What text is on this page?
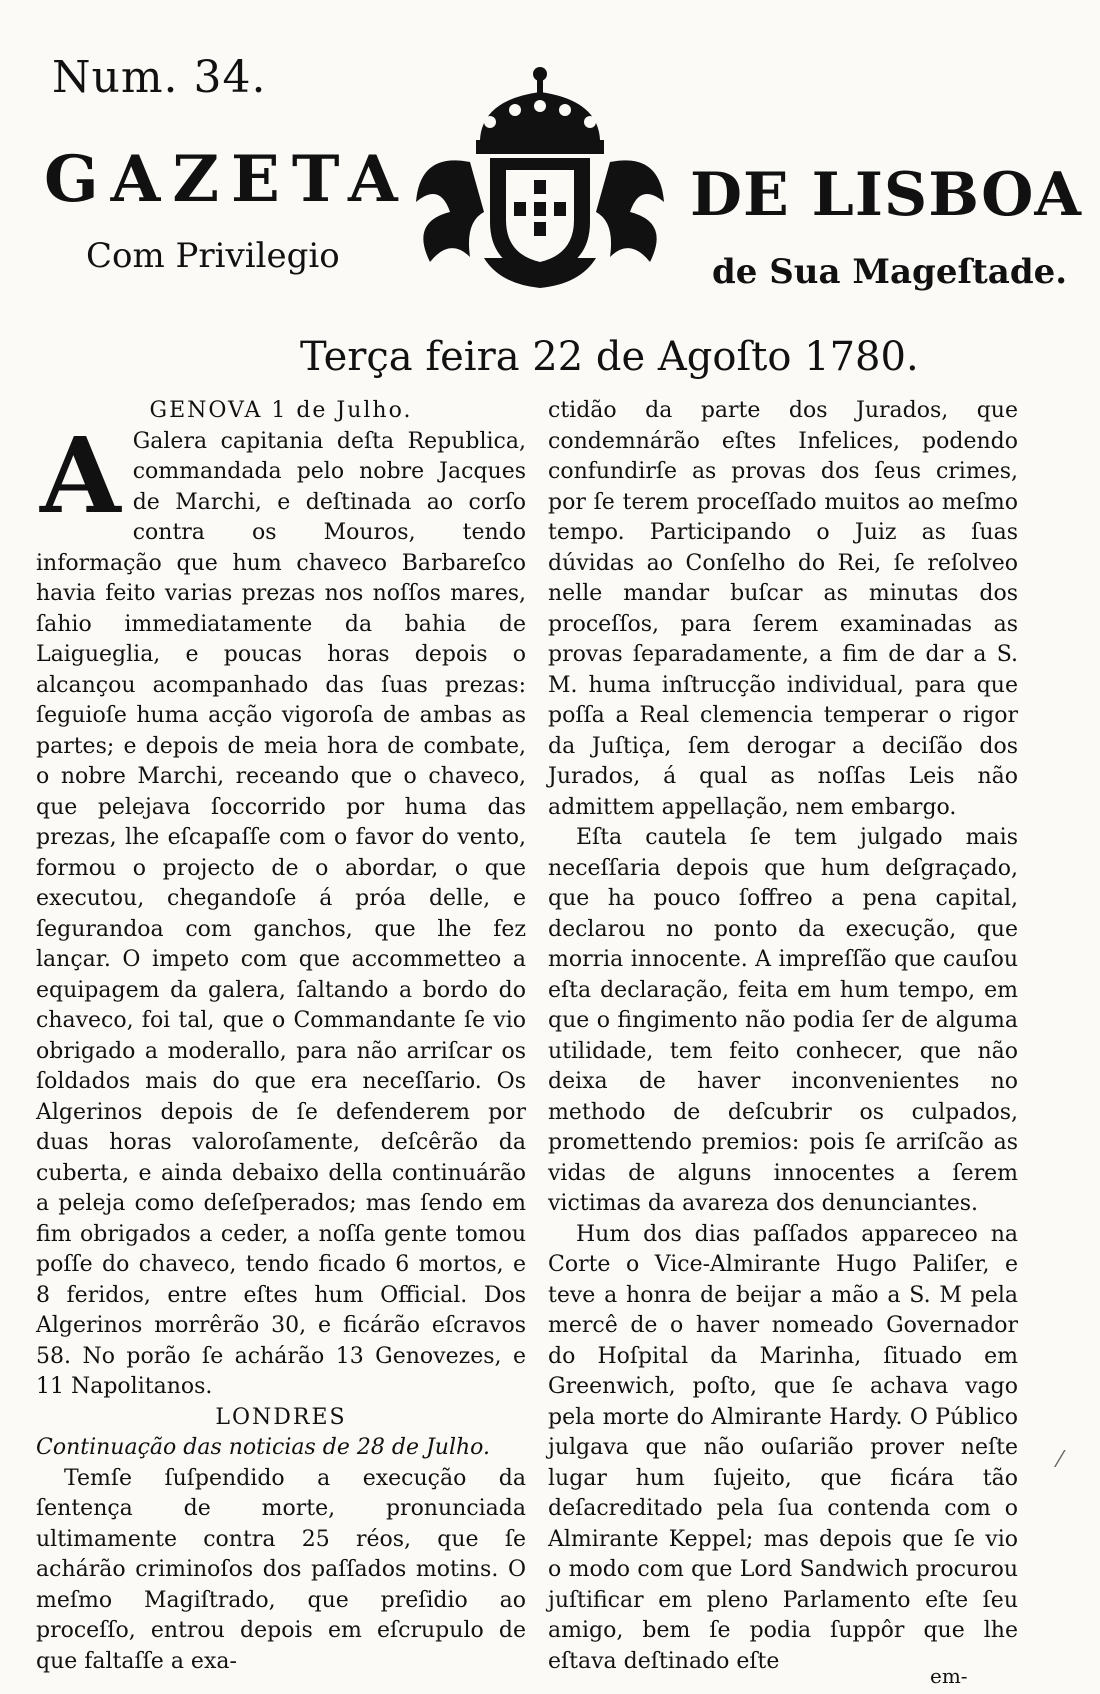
Num. 34.
GAZETA	DE LISBOA
Com Privilegio	de Sua Mageſtade.
Terça feira 22 de Agoſto 1780.

GENOVA 1 de Julho.

A Galera capitania deſta Republica, commandada pelo nobre Jacques de Marchi, e deſtinada ao corſo contra os Mouros, tendo informação que hum chaveco Barbareſco havia feito varias prezas nos noſſos mares, ſahio immediatamente da bahia de Laigueglia, e poucas horas depois o alcançou acompanhado das ſuas prezas: ſeguioſe huma acção vigoroſa de ambas as partes; e depois de meia hora de combate, o nobre Marchi, receando que o chaveco, que pelejava ſoccorrido por huma das prezas, lhe eſcapaſſe com o favor do vento, formou o projecto de o abordar, o que executou, chegandoſe á próa delle, e ſegurandoa com ganchos, que lhe fez lançar. O impeto com que accommetteo a equipagem da galera, ſaltando a bordo do chaveco, foi tal, que o Commandante ſe vio obrigado a moderallo, para não arriſcar os ſoldados mais do que era neceſſario. Os Algerinos depois de ſe defenderem por duas horas valoroſamente, deſcêrão da cuberta, e ainda debaixo della continuárão a peleja como deſeſperados; mas ſendo em fim obrigados a ceder, a noſſa gente tomou poſſe do chaveco, tendo ficado 6 mortos, e 8 feridos, entre eſtes hum Official. Dos Algerinos morrêrão 30, e ficárão eſcravos 58. No porão ſe achárão 13 Genovezes, e 11 Napolitanos.

LONDRES

Continuação das noticias de 28 de Julho.

Temſe ſuſpendido a execução da ſentença de morte, pronunciada ultimamente contra 25 réos, que ſe achárão criminoſos dos paſſados motins. O meſmo Magiſtrado, que preſidio ao proceſſo, entrou depois em eſcrupulo de que faltaſſe a exa-

ctidão da parte dos Jurados, que condemnárão eſtes Infelices, podendo confundirſe as provas dos ſeus crimes, por ſe terem proceſſado muitos ao meſmo tempo. Participando o Juiz as ſuas dúvidas ao Conſelho do Rei, ſe reſolveo nelle mandar buſcar as minutas dos proceſſos, para ſerem examinadas as provas ſeparadamente, a fim de dar a S. M. huma inſtrucção individual, para que poſſa a Real clemencia temperar o rigor da Juſtiça, ſem derogar a deciſão dos Jurados, á qual as noſſas Leis não admittem appellação, nem embargo.

Eſta cautela ſe tem julgado mais neceſſaria depois que hum deſgraçado, que ha pouco ſoffreo a pena capital, declarou no ponto da execução, que morria innocente. A impreſſão que cauſou eſta declaração, feita em hum tempo, em que o fingimento não podia ſer de alguma utilidade, tem feito conhecer, que não deixa de haver inconvenientes no methodo de deſcubrir os culpados, promettendo premios: pois ſe arriſcão as vidas de alguns innocentes a ſerem victimas da avareza dos denunciantes.

Hum dos dias paſſados appareceo na Corte o Vice-Almirante Hugo Paliſer, e teve a honra de beijar a mão a S. M pela mercê de o haver nomeado Governador do Hoſpital da Marinha, ſituado em Greenwich, poſto, que ſe achava vago pela morte do Almirante Hardy. O Público julgava que não ouſarião prover neſte lugar hum ſujeito, que ficára tão deſacreditado pela ſua contenda com o Almirante Keppel; mas depois que ſe vio o modo com que Lord Sandwich procurou juſtificar em pleno Parlamento eſte ſeu amigo, bem ſe podia ſuppôr que lhe eſtava deſtinado eſte

em-
⁄
